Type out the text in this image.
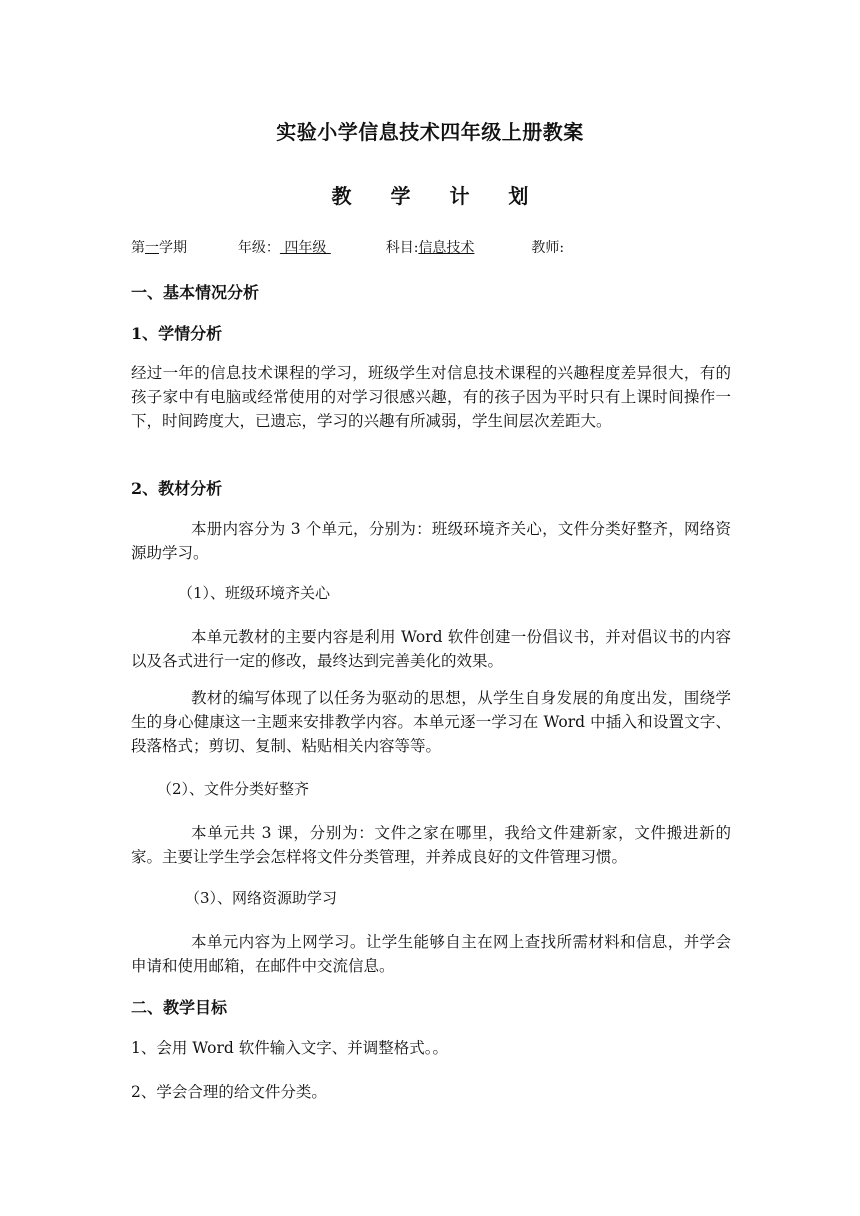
实验小学信息技术四年级上册教案
教 学 计 划
第一学期	年级： 四年级	科目:信息技术	教师:
一、基本情况分析
1、学情分析
经过一年的信息技术课程的学习，班级学生对信息技术课程的兴趣程度差异很大，有的孩子家中有电脑或经常使用的对学习很感兴趣，有的孩子因为平时只有上课时间操作一下，时间跨度大，已遗忘，学习的兴趣有所减弱，学生间层次差距大。
2、教材分析
本册内容分为 3 个单元，分别为：班级环境齐关心，文件分类好整齐，网络资源助学习。
（1）、班级环境齐关心
本单元教材的主要内容是利用 Word 软件创建一份倡议书，并对倡议书的内容以及各式进行一定的修改，最终达到完善美化的效果。
教材的编写体现了以任务为驱动的思想，从学生自身发展的角度出发，围绕学生的身心健康这一主题来安排教学内容。本单元逐一学习在 Word 中插入和设置文字、段落格式；剪切、复制、粘贴相关内容等等。
（2）、文件分类好整齐
本单元共 3 课，分别为：文件之家在哪里，我给文件建新家，文件搬进新的家。主要让学生学会怎样将文件分类管理，并养成良好的文件管理习惯。
（3）、网络资源助学习
本单元内容为上网学习。让学生能够自主在网上查找所需材料和信息，并学会申请和使用邮箱，在邮件中交流信息。
二、教学目标
1、会用 Word 软件输入文字、并调整格式。。
2、学会合理的给文件分类。
